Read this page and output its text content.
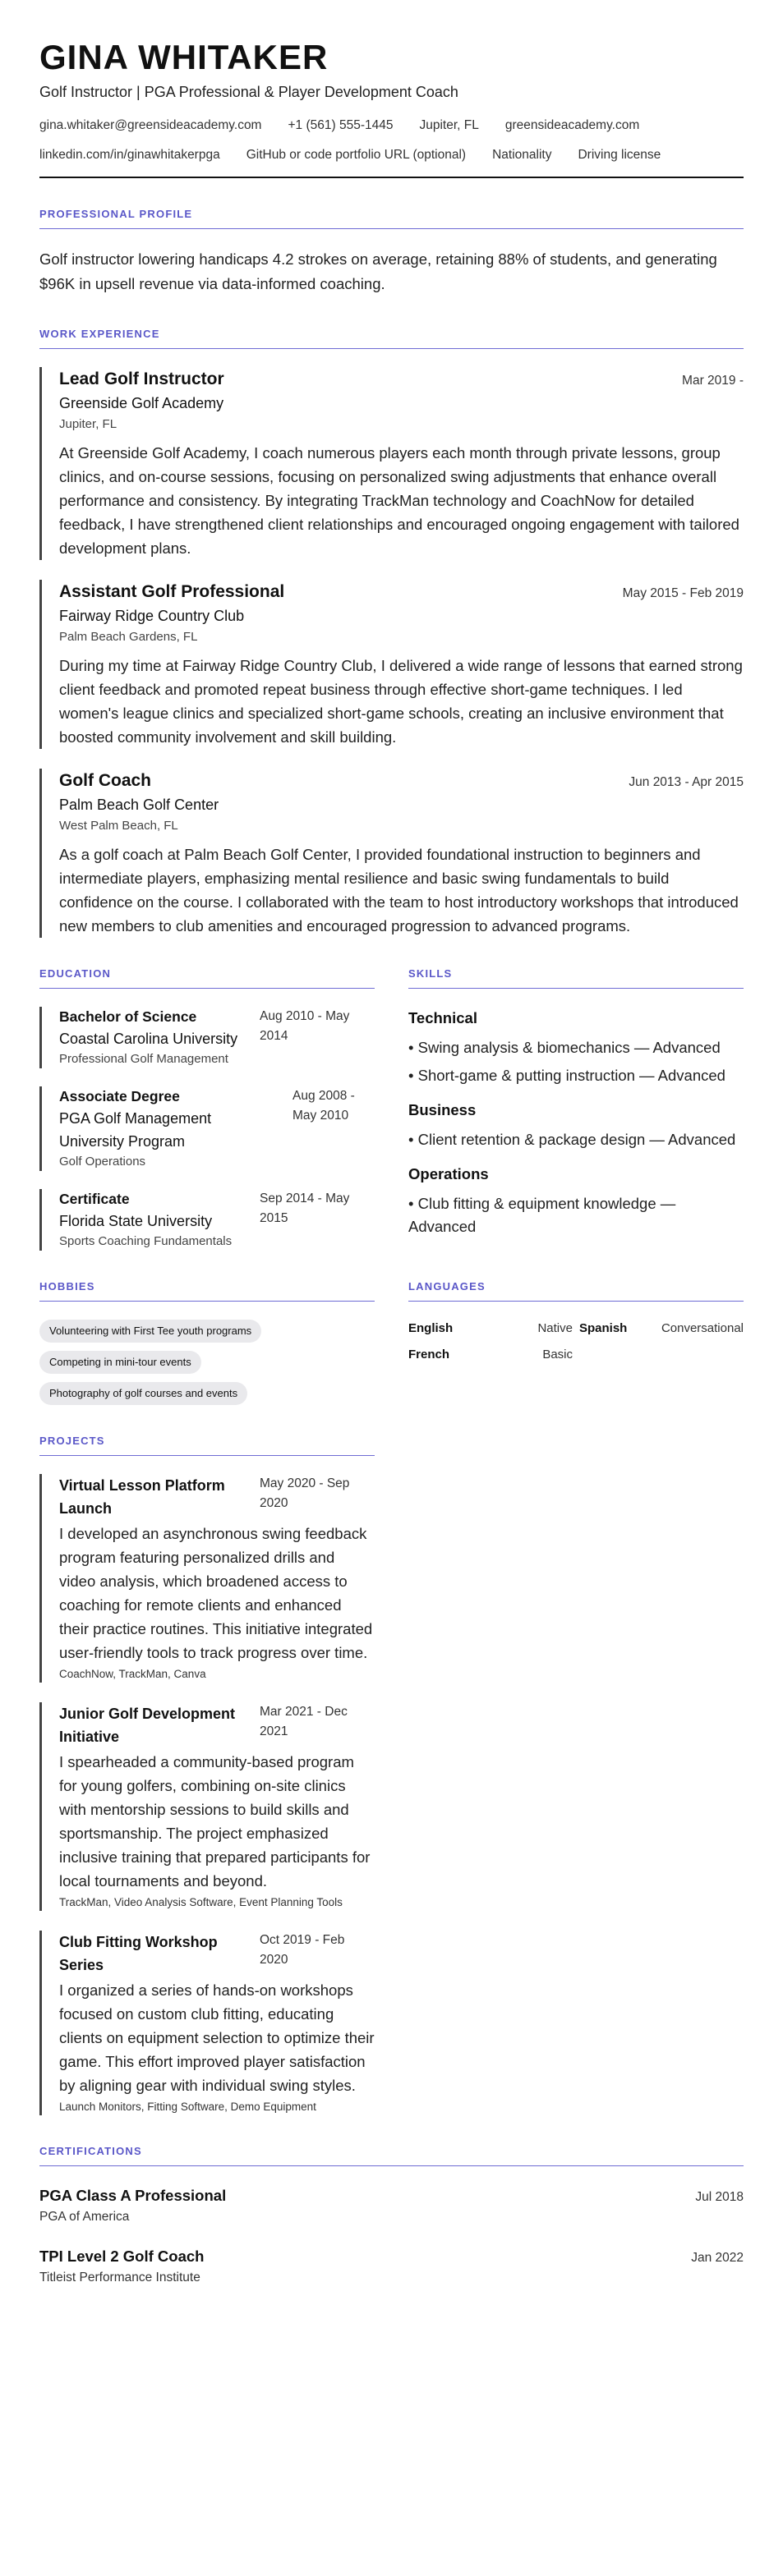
GINA WHITAKER
Golf Instructor | PGA Professional & Player Development Coach
gina.whitaker@greensideacademy.com +1 (561) 555-1445 Jupiter, FL greensideacademy.com
linkedin.com/in/ginawhitakerpga GitHub or code portfolio URL (optional) Nationality Driving license
PROFESSIONAL PROFILE

Golf instructor lowering handicaps 4.2 strokes on average, retaining 88% of students, and generating $96K in upsell revenue via data-informed coaching.

WORK EXPERIENCE
Lead Golf Instructor	Mar 2019 -
Greenside Golf Academy
Jupiter, FL

At Greenside Golf Academy, I coach numerous players each month through private lessons, group clinics, and on-course sessions, focusing on personalized swing adjustments that enhance overall performance and consistency. By integrating TrackMan technology and CoachNow for detailed feedback, I have strengthened client relationships and encouraged ongoing engagement with tailored development plans.

Assistant Golf Professional	May 2015 - Feb 2019
Fairway Ridge Country Club
Palm Beach Gardens, FL

During my time at Fairway Ridge Country Club, I delivered a wide range of lessons that earned strong client feedback and promoted repeat business through effective short-game techniques. I led women's league clinics and specialized short-game schools, creating an inclusive environment that boosted community involvement and skill building.

Golf Coach	Jun 2013 - Apr 2015
Palm Beach Golf Center
West Palm Beach, FL

As a golf coach at Palm Beach Golf Center, I provided foundational instruction to beginners and intermediate players, emphasizing mental resilience and basic swing fundamentals to build confidence on the course. I collaborated with the team to host introductory workshops that introduced new members to club amenities and encouraged progression to advanced programs.

EDUCATION
Bachelor of Science
Coastal Carolina University
Professional Golf Management
Aug 2010 - May 2014
Associate Degree
PGA Golf Management University Program
Golf Operations
Aug 2008 - May 2010
Certificate
Florida State University
Sports Coaching Fundamentals
Sep 2014 - May 2015
SKILLS
Technical
• Swing analysis & biomechanics — Advanced
• Short-game & putting instruction — Advanced
Business
• Client retention & package design — Advanced
Operations
• Club fitting & equipment knowledge — Advanced
HOBBIES
Volunteering with First Tee youth programs
Competing in mini-tour events
Photography of golf courses and events
LANGUAGES
English	Native Spanish	Conversational
French	Basic
PROJECTS
Virtual Lesson Platform Launch
May 2020 - Sep 2020

I developed an asynchronous swing feedback program featuring personalized drills and video analysis, which broadened access to coaching for remote clients and enhanced their practice routines. This initiative integrated user-friendly tools to track progress over time.

CoachNow, TrackMan, Canva
Junior Golf Development Initiative
Mar 2021 - Dec 2021

I spearheaded a community-based program for young golfers, combining on-site clinics with mentorship sessions to build skills and sportsmanship. The project emphasized inclusive training that prepared participants for local tournaments and beyond.

TrackMan, Video Analysis Software, Event Planning Tools
Club Fitting Workshop Series
Oct 2019 - Feb 2020

I organized a series of hands-on workshops focused on custom club fitting, educating clients on equipment selection to optimize their game. This effort improved player satisfaction by aligning gear with individual swing styles.

Launch Monitors, Fitting Software, Demo Equipment
CERTIFICATIONS
PGA Class A Professional	Jul 2018
PGA of America
TPI Level 2 Golf Coach	Jan 2022
Titleist Performance Institute
